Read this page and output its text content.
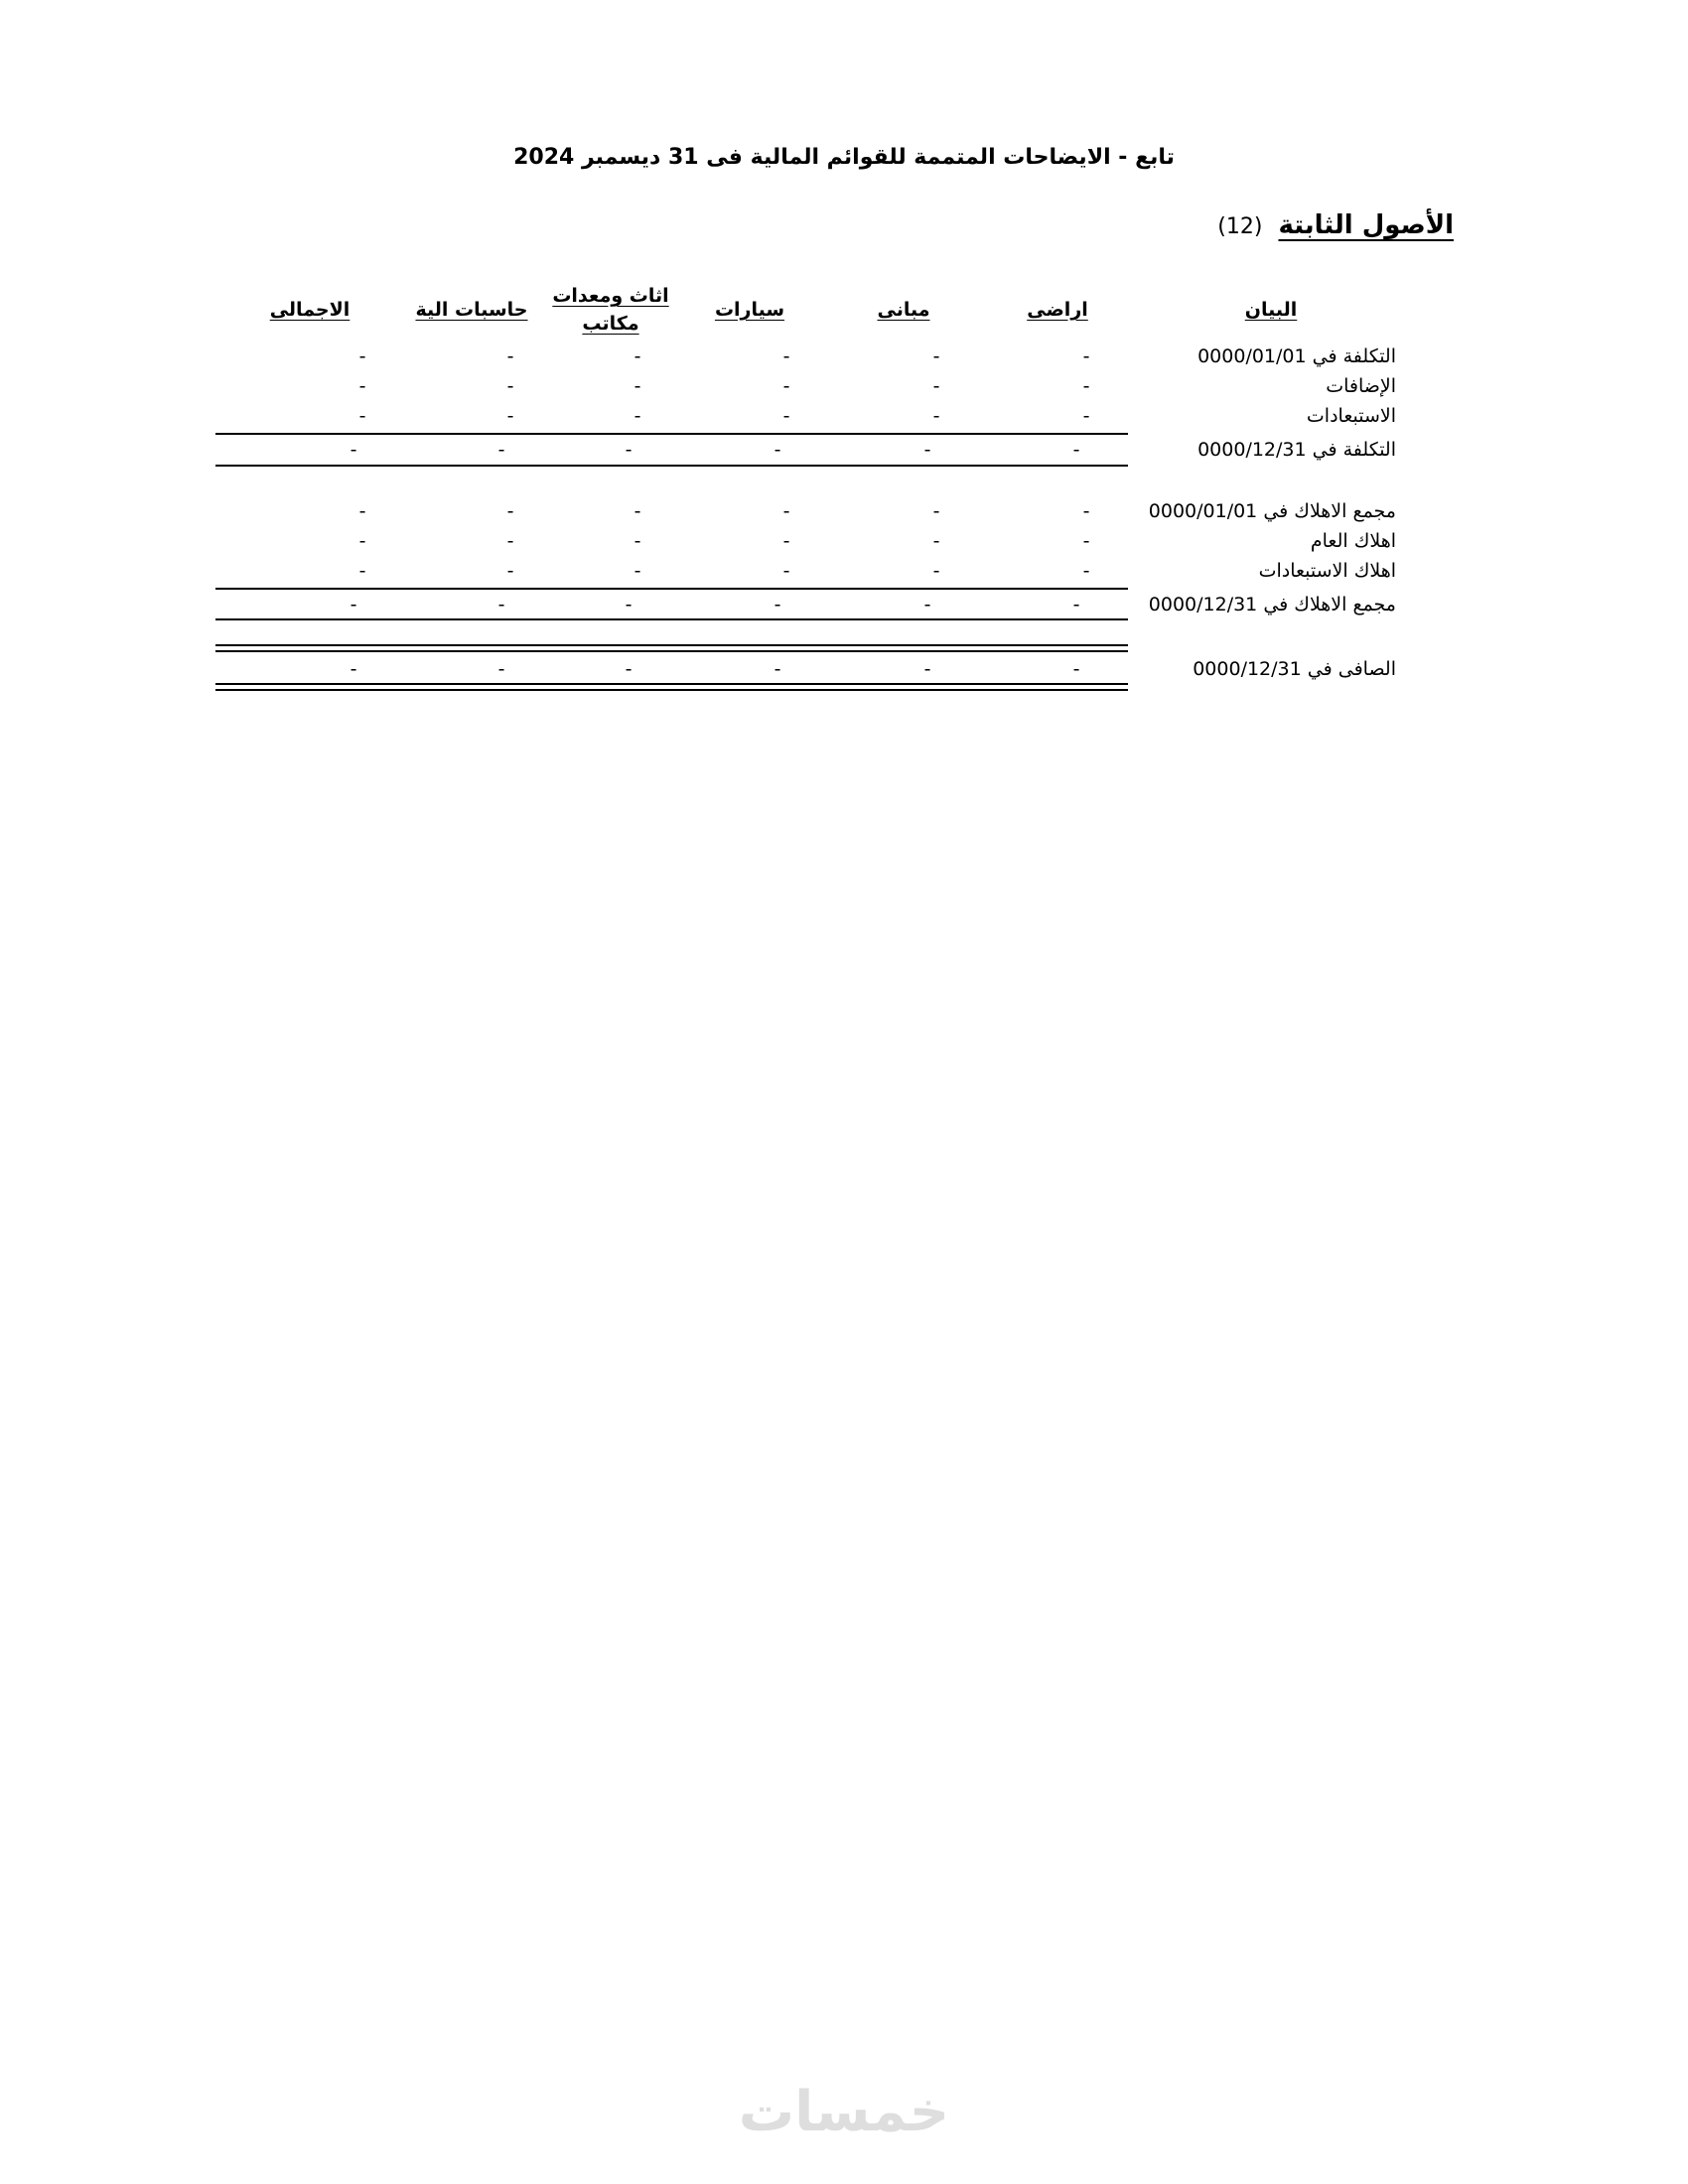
تابع - الايضاحات المتممة للقوائم المالية فى 31 ديسمبر 2024
الأصول الثابتة
(12)
البيان
اراضى
مبانى
سيارات
اثاث ومعدات
مكاتب
حاسبات الية
الاجمالى
التكلفة في 0000/01/01
-
-
-
-
-
-
الإضافات
-
-
-
-
-
-
الاستبعادات
-
-
-
-
-
-
التكلفة في 0000/12/31
-
-
-
-
-
-
مجمع الاهلاك في 0000/01/01
-
-
-
-
-
-
اهلاك العام
-
-
-
-
-
-
اهلاك الاستبعادات
-
-
-
-
-
-
مجمع الاهلاك في 0000/12/31
-
-
-
-
-
-
الصافى في 0000/12/31
-
-
-
-
-
-
خمسات
